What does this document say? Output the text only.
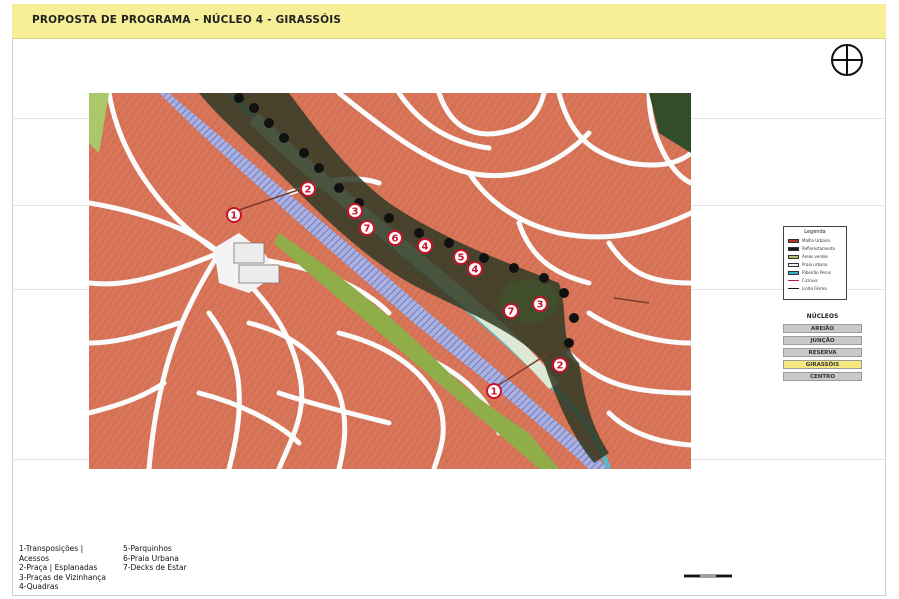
PROPOSTA DE PROGRAMA - NÚCLEO 4 - GIRASSÓIS
1
2
3
7
6
4
5
4
7
3
2
1
Legenda
Malha Urbana
Reflorestamento
Áreas verdes
Praia urbana
Ribeirão Perus
Ciclovia
Linha Férrea
NÚCLEOS
AREIÃO
JUNÇÃO
RESERVA
GIRASSÓIS
CENTRO
1-Transposições |
Acessos
2-Praça | Esplanadas
3-Praças de Vizinhança
4-Quadras
5-Parquinhos
6-Praia Urbana
7-Decks de Estar
